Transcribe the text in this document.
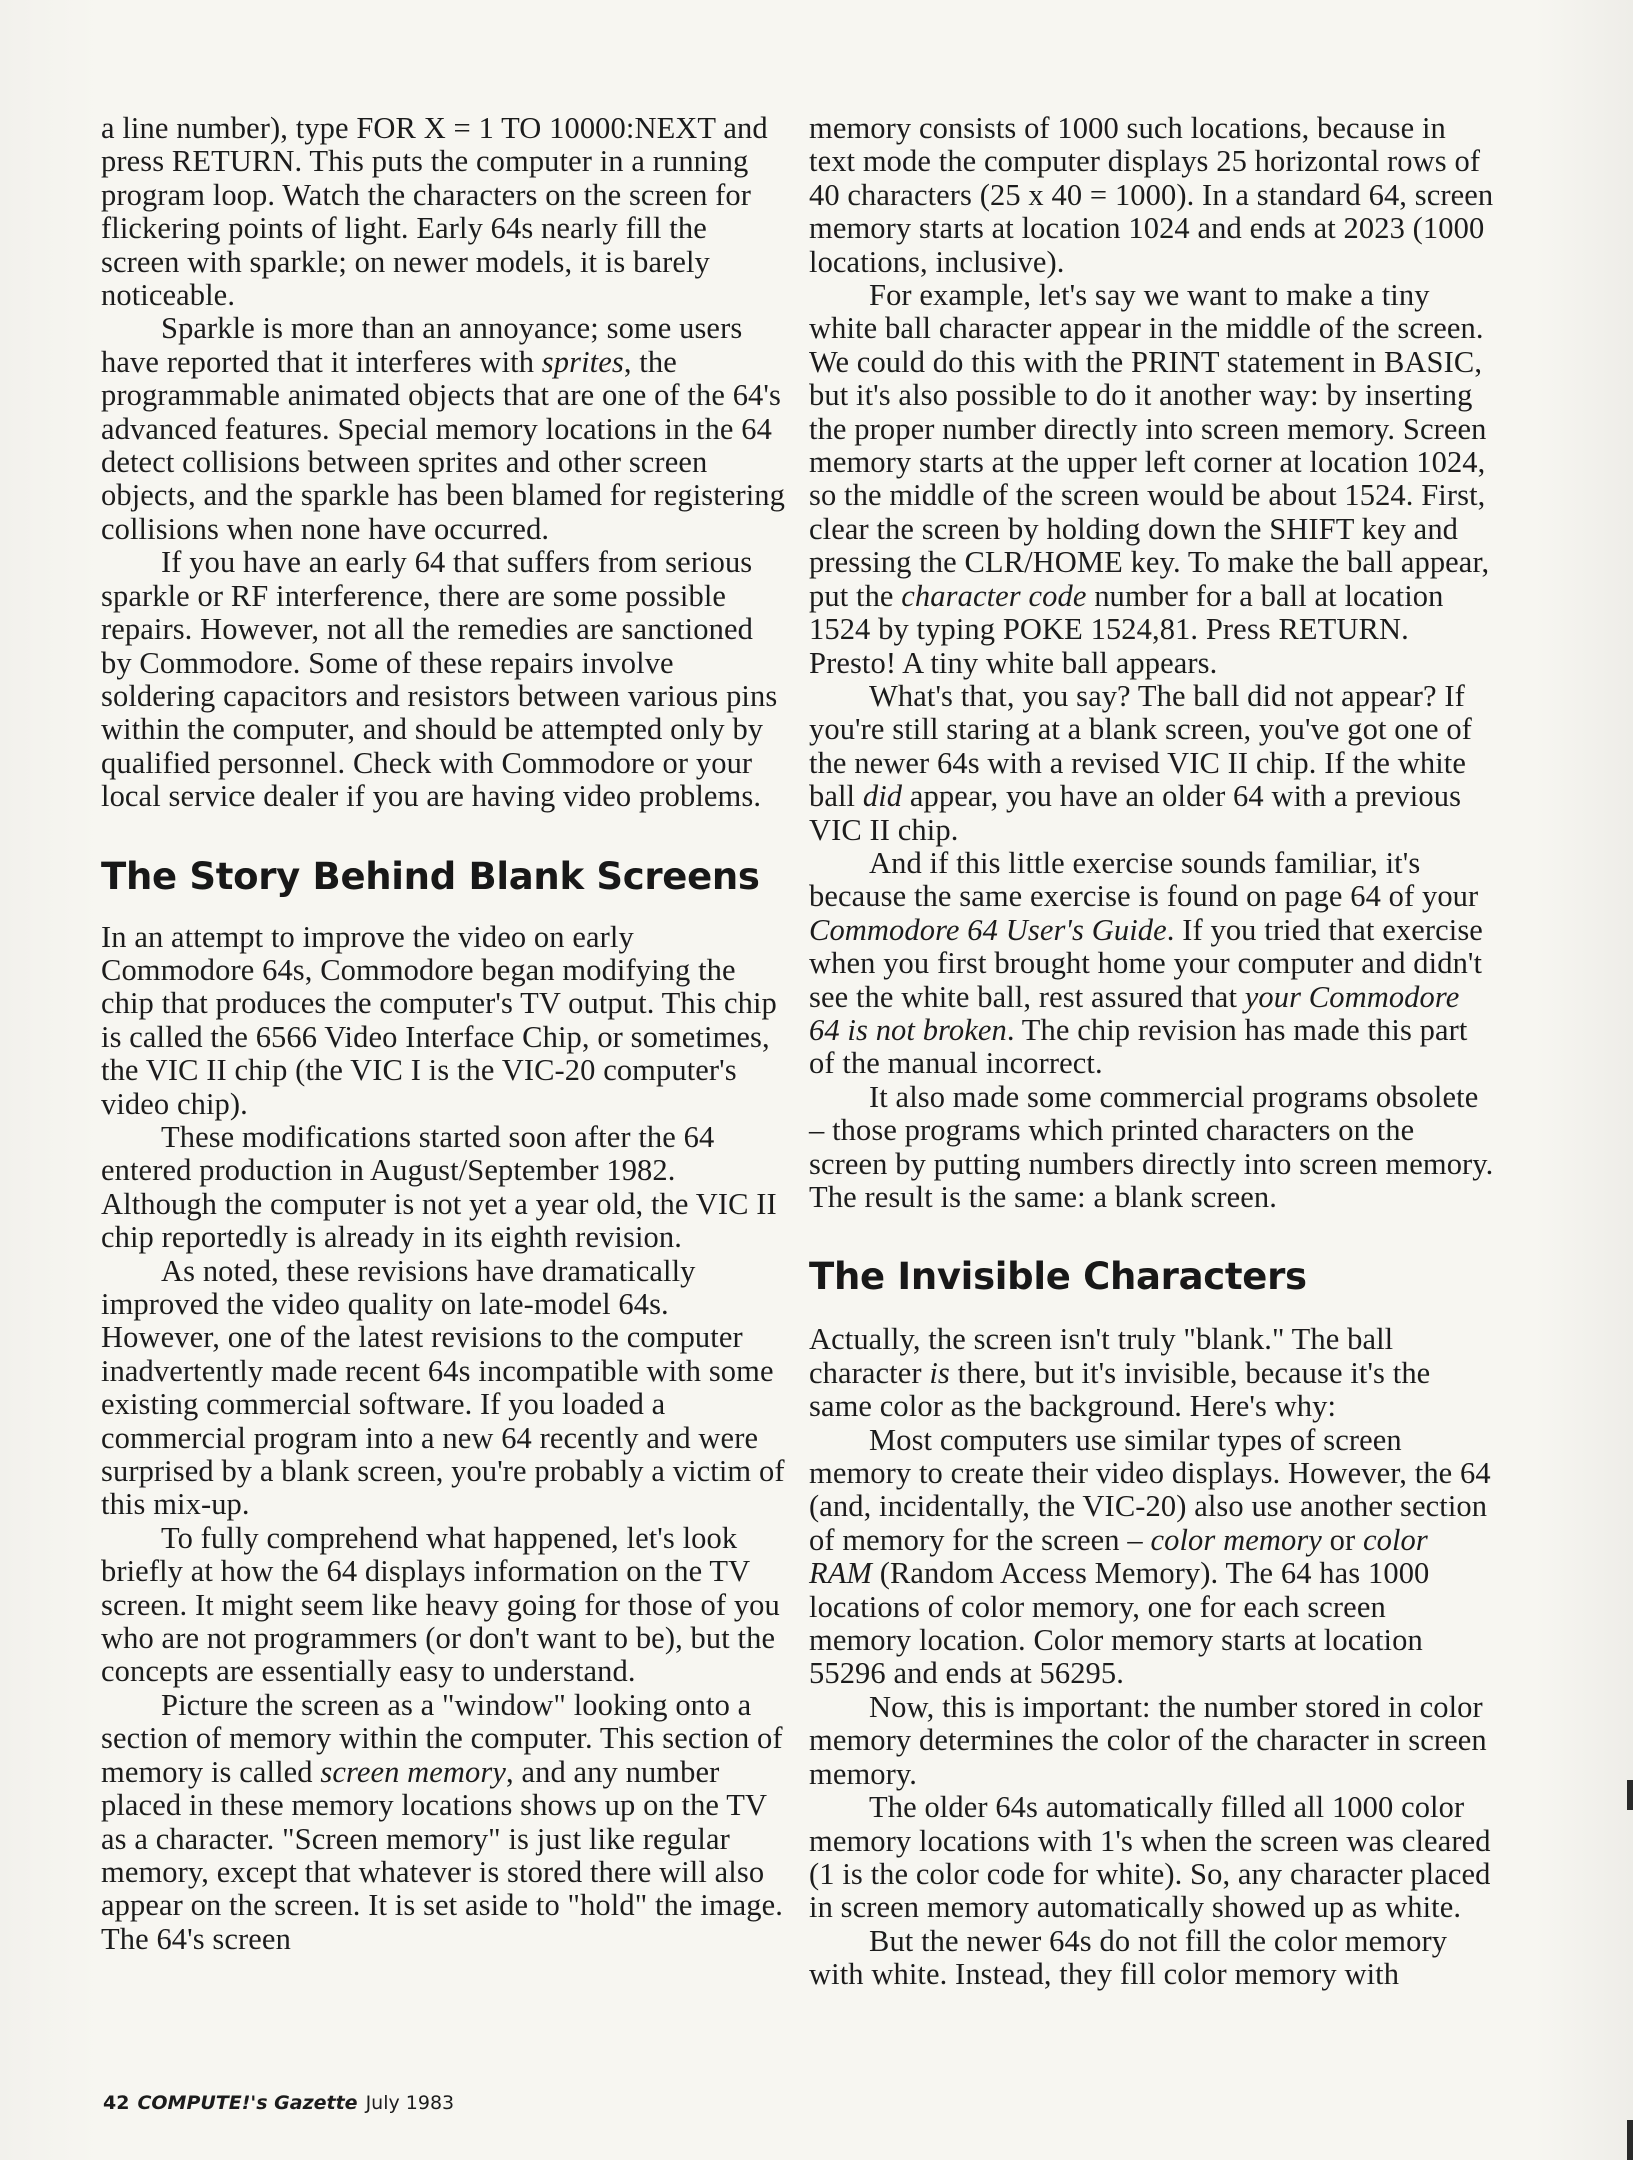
a line number), type FOR X = 1 TO 10000:NEXT and press RETURN. This puts the computer in a running program loop. Watch the characters on the screen for flickering points of light. Early 64s nearly fill the screen with sparkle; on newer models, it is barely noticeable.

Sparkle is more than an annoyance; some users have reported that it interferes with sprites, the programmable animated objects that are one of the 64's advanced features. Special memory locations in the 64 detect collisions between sprites and other screen objects, and the sparkle has been blamed for registering collisions when none have occurred.

If you have an early 64 that suffers from serious sparkle or RF interference, there are some possible repairs. However, not all the remedies are sanctioned by Commodore. Some of these repairs involve soldering capacitors and resistors between various pins within the computer, and should be attempted only by qualified personnel. Check with Commodore or your local service dealer if you are having video problems.

The Story Behind Blank Screens

In an attempt to improve the video on early Commodore 64s, Commodore began modifying the chip that produces the computer's TV output. This chip is called the 6566 Video Interface Chip, or sometimes, the VIC II chip (the VIC I is the VIC-20 computer's video chip).

These modifications started soon after the 64 entered production in August/September 1982. Although the computer is not yet a year old, the VIC II chip reportedly is already in its eighth revision.

As noted, these revisions have dramatically improved the video quality on late-model 64s. However, one of the latest revisions to the computer inadvertently made recent 64s incompatible with some existing commercial software. If you loaded a commercial program into a new 64 recently and were surprised by a blank screen, you're probably a victim of this mix-up.

To fully comprehend what happened, let's look briefly at how the 64 displays information on the TV screen. It might seem like heavy going for those of you who are not programmers (or don't want to be), but the concepts are essentially easy to understand.

Picture the screen as a "window" looking onto a section of memory within the computer. This section of memory is called screen memory, and any number placed in these memory locations shows up on the TV as a character. "Screen memory" is just like regular memory, except that whatever is stored there will also appear on the screen. It is set aside to "hold" the image. The 64's screen

memory consists of 1000 such locations, because in text mode the computer displays 25 horizontal rows of 40 characters (25 x 40 = 1000). In a standard 64, screen memory starts at location 1024 and ends at 2023 (1000 locations, inclusive).

For example, let's say we want to make a tiny white ball character appear in the middle of the screen. We could do this with the PRINT statement in BASIC, but it's also possible to do it another way: by inserting the proper number directly into screen memory. Screen memory starts at the upper left corner at location 1024, so the middle of the screen would be about 1524. First, clear the screen by holding down the SHIFT key and pressing the CLR/HOME key. To make the ball appear, put the character code number for a ball at location 1524 by typing POKE 1524,81. Press RETURN. Presto! A tiny white ball appears.

What's that, you say? The ball did not appear? If you're still staring at a blank screen, you've got one of the newer 64s with a revised VIC II chip. If the white ball did appear, you have an older 64 with a previous VIC II chip.

And if this little exercise sounds familiar, it's because the same exercise is found on page 64 of your Commodore 64 User's Guide. If you tried that exercise when you first brought home your computer and didn't see the white ball, rest assured that your Commodore 64 is not broken. The chip revision has made this part of the manual incorrect.

It also made some commercial programs obsolete – those programs which printed characters on the screen by putting numbers directly into screen memory. The result is the same: a blank screen.

The Invisible Characters

Actually, the screen isn't truly "blank." The ball character is there, but it's invisible, because it's the same color as the background. Here's why:

Most computers use similar types of screen memory to create their video displays. However, the 64 (and, incidentally, the VIC-20) also use another section of memory for the screen – color memory or color RAM (Random Access Memory). The 64 has 1000 locations of color memory, one for each screen memory location. Color memory starts at location 55296 and ends at 56295.

Now, this is important: the number stored in color memory determines the color of the character in screen memory.

The older 64s automatically filled all 1000 color memory locations with 1's when the screen was cleared (1 is the color code for white). So, any character placed in screen memory automatically showed up as white.

But the newer 64s do not fill the color memory with white. Instead, they fill color memory with

42 COMPUTE!'s Gazette July 1983
